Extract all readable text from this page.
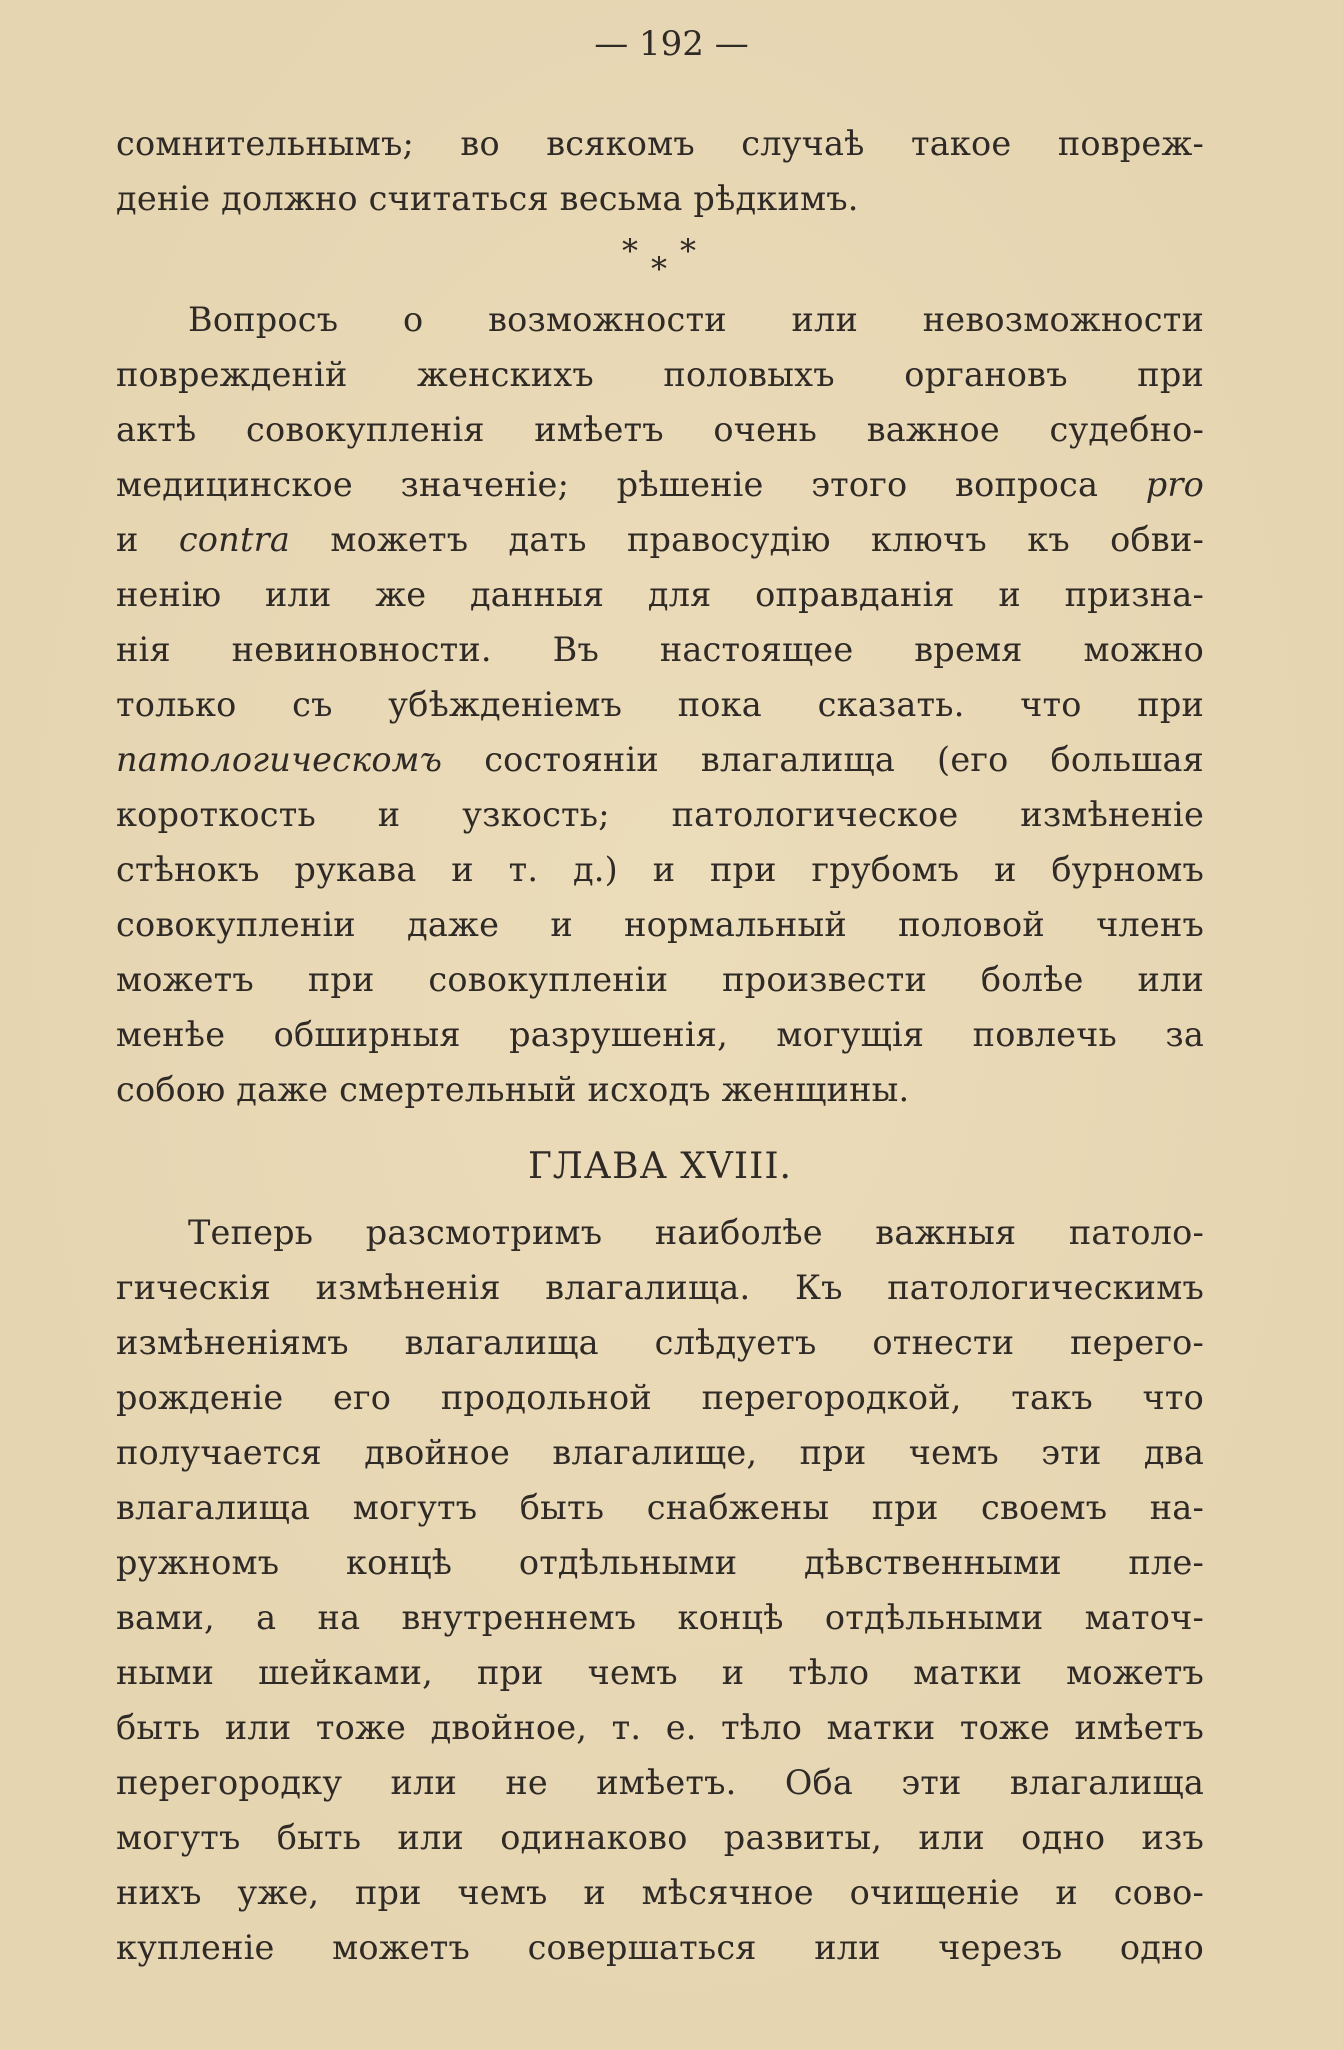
— 192 —
сомнительнымъ; во всякомъ случаѣ такое повреж-
деніе должно считаться весьма рѣдкимъ.
* *
*
Вопросъ о возможности или невозможности
поврежденій женскихъ половыхъ органовъ при
актѣ совокупленія имѣетъ очень важное судебно-
медицинское значеніе; рѣшеніе этого вопроса pro
и contra можетъ дать правосудію ключъ къ обви-
ненію или же данныя для оправданія и призна-
нія невиновности. Въ настоящее время можно
только съ убѣжденіемъ пока сказать. что при
патологическомъ состояніи влагалища (его большая
короткость и узкость; патологическое измѣненіе
стѣнокъ рукава и т. д.) и при грубомъ и бурномъ
совокупленіи даже и нормальный половой членъ
можетъ при совокупленіи произвести болѣе или
менѣе обширныя разрушенія, могущія повлечь за
собою даже смертельный исходъ женщины.
ГЛАВА XVIII.
Теперь разсмотримъ наиболѣе важныя патоло-
гическія измѣненія влагалища. Къ патологическимъ
измѣненіямъ влагалища слѣдуетъ отнести перего-
рожденіе его продольной перегородкой, такъ что
получается двойное влагалище, при чемъ эти два
влагалища могутъ быть снабжены при своемъ на-
ружномъ концѣ отдѣльными дѣвственными пле-
вами, а на внутреннемъ концѣ отдѣльными маточ-
ными шейками, при чемъ и тѣло матки можетъ
быть или тоже двойное, т. е. тѣло матки тоже имѣетъ
перегородку или не имѣетъ. Оба эти влагалища
могутъ быть или одинаково развиты, или одно изъ
нихъ уже, при чемъ и мѣсячное очищеніе и сово-
купленіе можетъ совершаться или черезъ одно
